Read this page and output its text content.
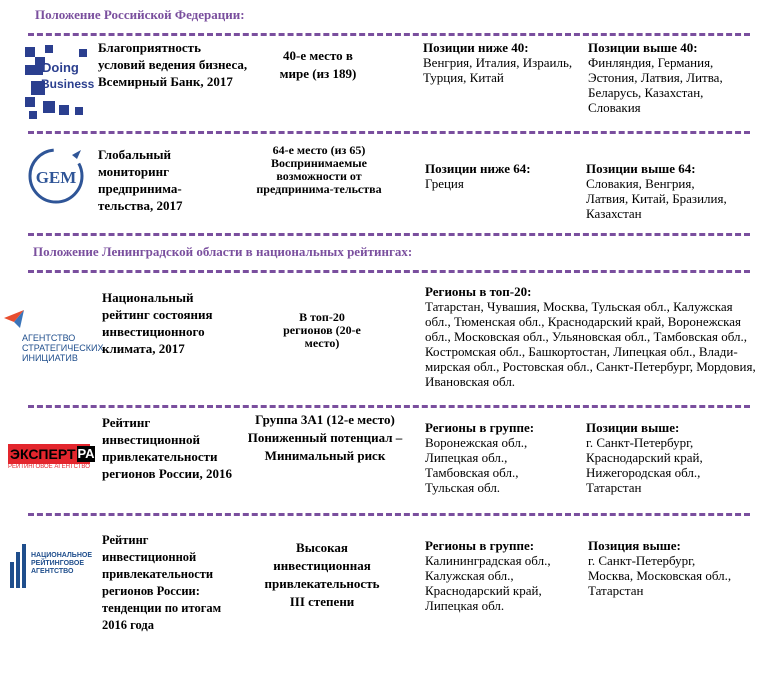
Положение Российской Федерации:
Doing
Business
Благоприятность условий ведения бизнеса, Всемирный Банк, 2017
40-е место в мире (из 189)
Позиции ниже 40:
Венгрия, Италия, Израиль, Турция, Китай
Позиции выше 40:
Финляндия, Германия, Эстония, Латвия, Литва, Беларусь, Казахстан, Словакия
GEM
Глобальный мониторинг предпринима-тельства, 2017
64-е место (из 65) Воспринимаемые возможности от предпринима-тельства
Позиции ниже 64:
Греция
Позиции выше 64:
Словакия, Венгрия, Латвия, Китай, Бразилия, Казахстан
Положение Ленинградской области в национальных рейтингах:
АГЕНТСТВО
СТРАТЕГИЧЕСКИХ
ИНИЦИАТИВ
Национальный рейтинг состояния инвестиционного климата, 2017
В топ-20 регионов (20-е место)
Регионы в топ-20:
Татарстан, Чувашия, Москва, Тульская обл., Калужская обл., Тюменская обл., Краснодарский край, Воронежская обл., Московская обл., Ульяновская обл., Тамбовская обл., Костромская обл., Башкортостан, Липецкая обл., Влади-мирская обл., Ростовская обл., Санкт-Петербург, Мордовия, Ивановская обл.
ЭКСПЕРТ РА
РЕЙТИНГОВОЕ АГЕНТСТВО
Рейтинг инвестиционной привлекательности регионов России, 2016
Группа 3А1 (12-е место) Пониженный потенциал – Минимальный риск
Регионы в группе:
Воронежская обл., Липецкая обл., Тамбовская обл., Тульская обл.
Позиции выше:
г. Санкт-Петербург, Краснодарский край, Нижегородская обл., Татарстан
НАЦИОНАЛЬНОЕ
РЕЙТИНГОВОЕ
АГЕНТСТВО
Рейтинг инвестиционной привлекательности регионов России: тенденции по итогам 2016 года
Высокая инвестиционная привлекательность III степени
Регионы в группе:
Калининградская обл., Калужская обл., Краснодарский край, Липецкая обл.
Позиция выше:
г. Санкт-Петербург, Москва, Московская обл., Татарстан
